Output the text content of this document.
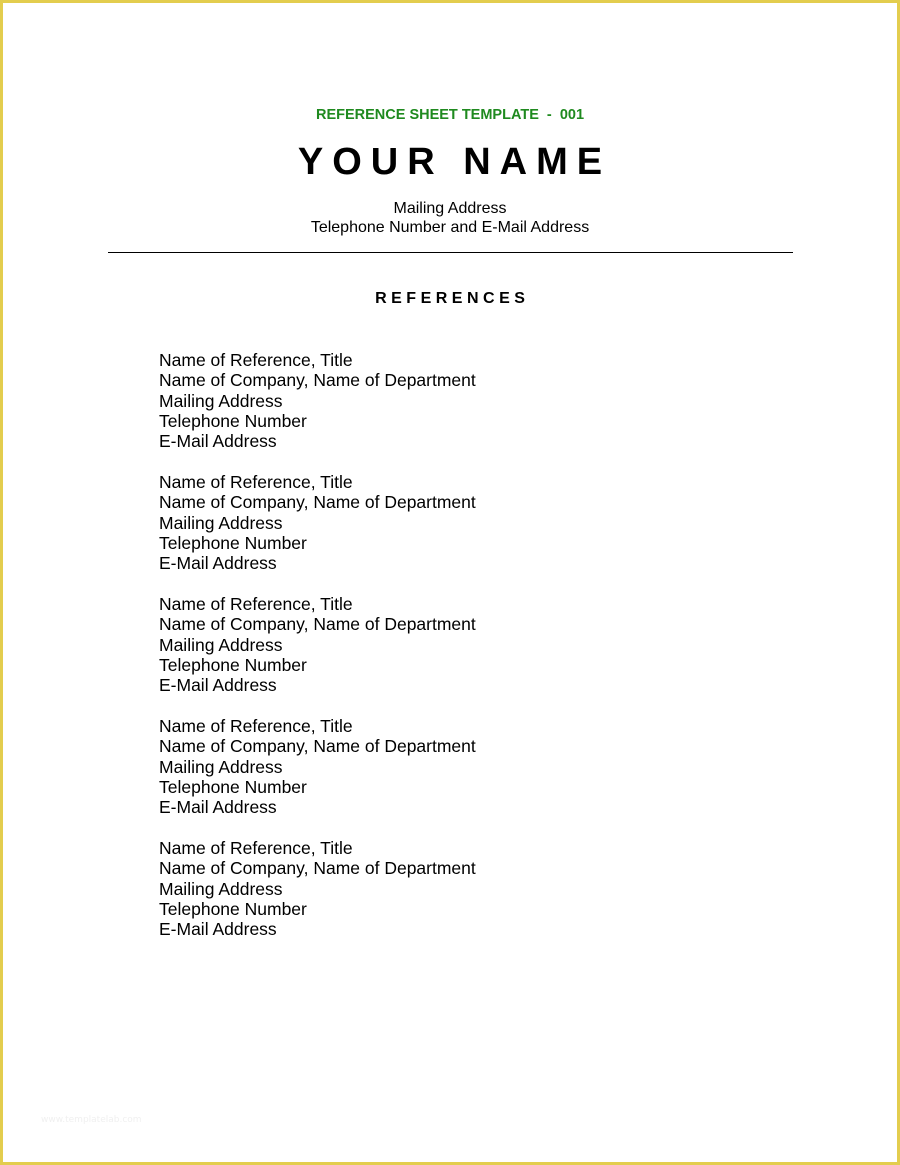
REFERENCE SHEET TEMPLATE  -  001
YOUR NAME
Mailing Address
Telephone Number and E-Mail Address
REFERENCES
Name of Reference, Title
Name of Company, Name of Department
Mailing Address
Telephone Number
E-Mail Address
Name of Reference, Title
Name of Company, Name of Department
Mailing Address
Telephone Number
E-Mail Address
Name of Reference, Title
Name of Company, Name of Department
Mailing Address
Telephone Number
E-Mail Address
Name of Reference, Title
Name of Company, Name of Department
Mailing Address
Telephone Number
E-Mail Address
Name of Reference, Title
Name of Company, Name of Department
Mailing Address
Telephone Number
E-Mail Address
www.templatelab.com
